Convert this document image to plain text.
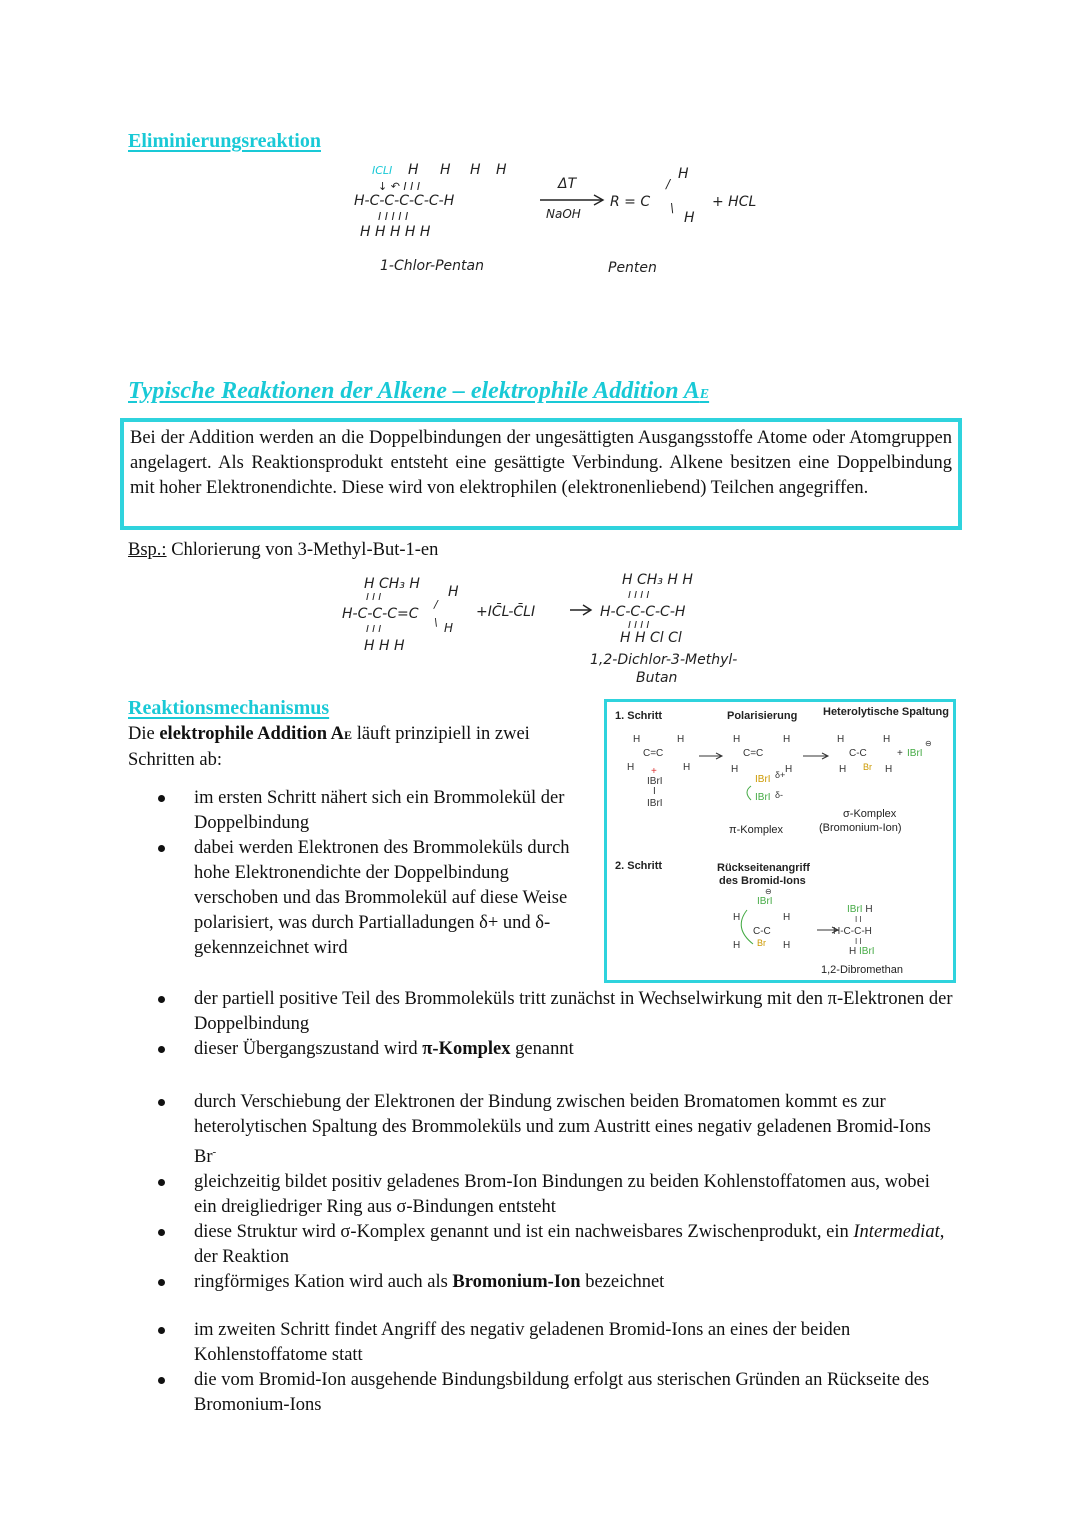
Eliminierungsreaktion
ICLI H H H H
H-C-C-C-C-C-H
↓ ↶ I I I
I I I I I
H H H H H
1-Chlor-Pentan
ΔT
NaOH
R = C
H
/
\
H
+ HCL
Penten
Typische Reaktionen der Alkene – elektrophile Addition AE
Bei der Addition werden an die Doppelbindungen der ungesättigten Ausgangsstoffe Atome oder Atomgruppen angelagert. Als Reaktionsprodukt entsteht eine gesättigte Verbindung. Alkene besitzen eine Doppelbindung mit hoher Elektronendichte. Diese wird von elektrophilen (elektronenliebend) Teilchen angegriffen.
Bsp.: Chlorierung von 3-Methyl-But-1-en
H CH₃ H H
I I I
H-C-C-C=C
/
\ H
I I I
H H H
+IC̄L-C̄LI
H CH₃ H H
I I I I
H-C-C-C-C-H
I I I I
H H Cl Cl
1,2-Dichlor-3-Methyl-
Butan
Reaktionsmechanismus
Die elektrophile Addition AE läuft prinzipiell in zwei Schritten ab:
1. Schritt	Polarisierung Heterolytische Spaltung
H	H
C=C
H	H
+
IBrI
I
IBrI
H	H
C=C
H	H
IBrI δ+
IBrI δ-
H	H
C-C
H Br H
+ IBrI
⊖
π-Komplex
σ-Komplex
(Bromonium-Ion)
2. Schritt	Rückseitenangriff
des Bromid-Ions
⊖
IBrI
H	H
C-C
H Br H
IBrI H
I I
H-C-C-H
I I
H IBrI
1,2-Dibromethan
im ersten Schritt nähert sich ein Brommolekül der Doppelbindung
dabei werden Elektronen des Brommoleküls durch hohe Elektronendichte der Doppelbindung verschoben und das Brommolekül auf diese Weise polarisiert, was durch Partialladungen δ+ und δ- gekennzeichnet wird
der partiell positive Teil des Brommoleküls tritt zunächst in Wechselwirkung mit den π-Elektronen der Doppelbindung
dieser Übergangszustand wird π-Komplex genannt
durch Verschiebung der Elektronen der Bindung zwischen beiden Bromatomen kommt es zur heterolytischen Spaltung des Brommoleküls und zum Austritt eines negativ geladenen Bromid-Ions Br-
gleichzeitig bildet positiv geladenes Brom-Ion Bindungen zu beiden Kohlenstoffatomen aus, wobei ein dreigliedriger Ring aus σ-Bindungen entsteht
diese Struktur wird σ-Komplex genannt und ist ein nachweisbares Zwischenprodukt, ein Intermediat, der Reaktion
ringförmiges Kation wird auch als Bromonium-Ion bezeichnet
im zweiten Schritt findet Angriff des negativ geladenen Bromid-Ions an eines der beiden Kohlenstoffatome statt
die vom Bromid-Ion ausgehende Bindungsbildung erfolgt aus sterischen Gründen an Rückseite des Bromonium-Ions
